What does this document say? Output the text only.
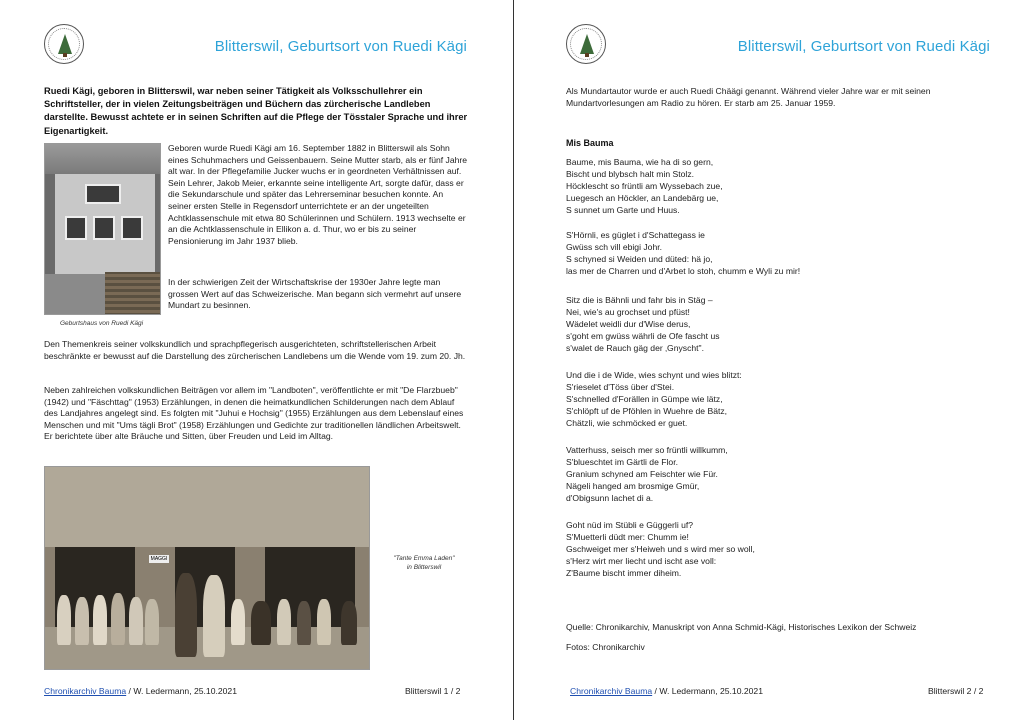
Blitterswil, Geburtsort von Ruedi Kägi
Ruedi Kägi, geboren in Blitterswil, war neben seiner Tätigkeit als Volksschullehrer ein Schriftsteller, der in vielen Zeitungsbeiträgen und Büchern das zürcherische Landleben darstellte. Bewusst achtete er in seinen Schriften auf die Pflege der Tösstaler Sprache und ihrer Eigenartigkeit.
Geburtshaus von Ruedi Kägi
Geboren wurde Ruedi Kägi am 16. September 1882 in Blitterswil als Sohn eines Schuhmachers und Geissenbauern. Seine Mutter starb, als er fünf Jahre alt war. In der Pflegefamilie Jucker wuchs er in geordneten Verhältnissen auf. Sein Lehrer, Jakob Meier, erkannte seine intelligente Art, sorgte dafür, dass er die Sekundarschule und später das Lehrerseminar besuchen konnte. An seiner ersten Stelle in Regensdorf unterrichtete er an der ungeteilten Achtklassenschule mit etwa 80 Schülerinnen und Schülern. 1913 wechselte er an die Achtklassenschule in Ellikon a. d. Thur, wo er bis zu seiner Pensionierung im Jahr 1937 blieb.
In der schwierigen Zeit der Wirtschaftskrise der 1930er Jahre legte man grossen Wert auf das Schweizerische. Man begann sich vermehrt auf unsere Mundart zu besinnen.
Den Themenkreis seiner volkskundlich und sprachpflegerisch ausgerichteten, schriftstellerischen Arbeit beschränkte er bewusst auf die Darstellung des zürcherischen Landlebens um die Wende vom 19. zum 20. Jh.
Neben zahlreichen volkskundlichen Beiträgen vor allem im "Landboten", veröffentlichte er mit "De Flarzbueb" (1942) und "Fäschttag" (1953) Erzählungen, in denen die heimatkundlichen Schilderungen nach dem Ablauf des Landjahres angelegt sind. Es folgten mit "Juhui e Hochsig" (1955) Erzählungen aus dem Lebenslauf eines Menschen und mit "Ums tägli Brot" (1958) Erzählungen und Gedichte zur traditionellen ländlichen Arbeitswelt. Er berichtete über alte Bräuche und Sitten, über Freuden und Leid im Alltag.
MAGGI	"Tante Emma Laden"
in Blitterswil
Chronikarchiv Bauma / W. Ledermann, 25.10.2021	Blitterswil 1 / 2
Blitterswil, Geburtsort von Ruedi Kägi
Als Mundartautor wurde er auch Ruedi Chäägi genannt. Während vieler Jahre war er mit seinen Mundartvorlesungen am Radio zu hören. Er starb am 25. Januar 1959.
Mis Bauma
Baume, mis Bauma, wie ha di so gern,
Bischt und blybsch halt min Stolz.
Höcklescht so früntli am Wyssebach zue,
Luegesch an Höckler, an Landebärg ue,
S sunnet um Garte und Huus.
S'Hörnli, es güglet i d'Schattegass ie
Gwüss sch vill ebigi Johr.
S schyned si Weiden und düted: hä jo,
las mer de Charren und d'Arbet lo stoh, chumm e Wyli zu mir!
Sitz die is Bähnli und fahr bis in Stäg –
Nei, wie's au grochset und pfüst!
Wädelet weidli dur d'Wise derus,
s'goht em gwüss währli de Ofe fascht us
s'walet de Rauch gäg der ‚Gnyscht".
Und die i de Wide, wies schynt und wies blitzt:
S'rieselet d'Töss über d'Stei.
S'schnelled d'Forällen in Gümpe wie lätz,
S'chlöpft uf de Pföhlen in Wuehre de Bätz,
Chätzli, wie schmöcked er guet.
Vatterhuss, seisch mer so früntli willkumm,
S'blueschtet im Gärtli de Flor.
Granium schyned am Feischter wie Für.
Nägeli hanged am brosmige Gmür,
d'Obigsunn lachet di a.
Goht nüd im Stübli e Güggerli uf?
S'Muetterli düdt mer: Chumm ie!
Gschweiget mer s'Heiweh und s wird mer so woll,
s'Herz wirt mer liecht und ischt ase voll:
Z'Baume bischt immer diheim.
Quelle: Chronikarchiv, Manuskript von Anna Schmid-Kägi, Historisches Lexikon der Schweiz
Fotos: Chronikarchiv
Chronikarchiv Bauma / W. Ledermann, 25.10.2021	Blitterswil 2 / 2
